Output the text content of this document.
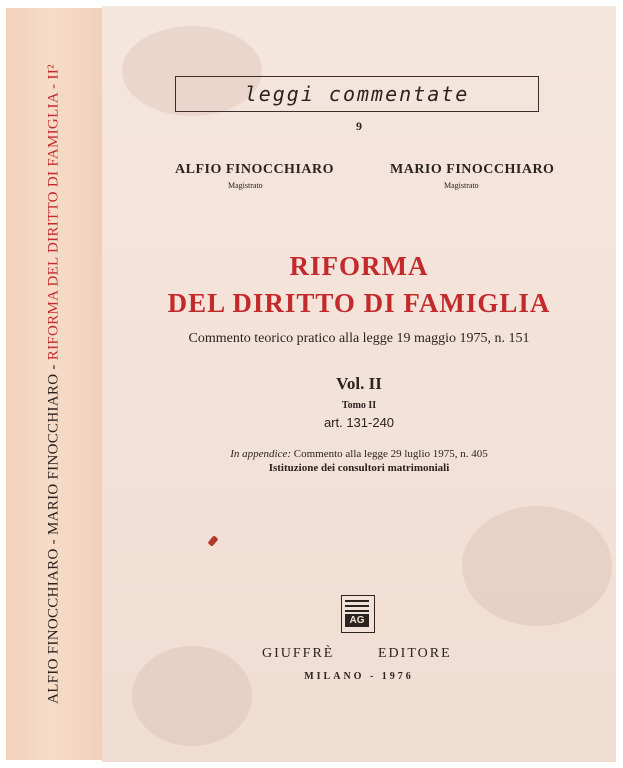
ALFIO FINOCCHIARO - MARIO FINOCCHIARO - RIFORMA DEL DIRITTO DI FAMIGLIA - II²
leggi commentate
9
ALFIO FINOCCHIARO
Magistrato
MARIO FINOCCHIARO
Magistrato
RIFORMA
DEL DIRITTO DI FAMIGLIA
Commento teorico pratico alla legge 19 maggio 1975, n. 151
Vol. II
Tomo II
art. 131-240
In appendice: Commento alla legge 29 luglio 1975, n. 405
Istituzione dei consultori matrimoniali
AG
GIUFFRÈ	EDITORE
MILANO - 1976
